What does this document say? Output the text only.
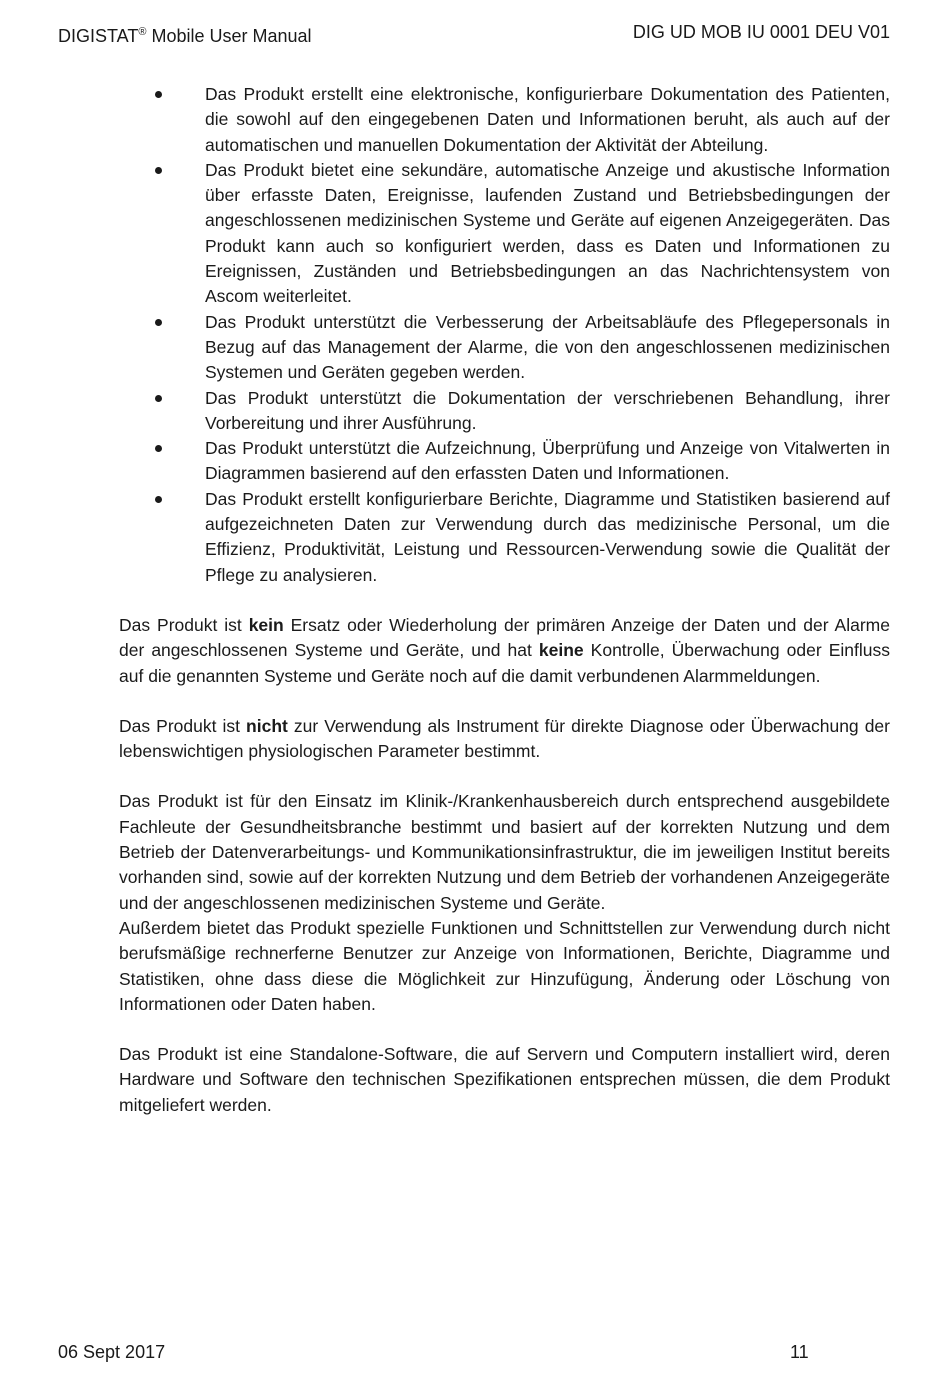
DIGISTAT® Mobile User Manual	DIG UD MOB IU 0001 DEU V01
Das Produkt erstellt eine elektronische, konfigurierbare Dokumentation des Patienten, die sowohl auf den eingegebenen Daten und Informationen beruht, als auch auf der automatischen und manuellen Dokumentation der Aktivität der Abteilung.
Das Produkt bietet eine sekundäre, automatische Anzeige und akustische Information über erfasste Daten, Ereignisse, laufenden Zustand und Betriebsbedingungen der angeschlossenen medizinischen Systeme und Geräte auf eigenen Anzeigegeräten. Das Produkt kann auch so konfiguriert werden, dass es Daten und Informationen zu Ereignissen, Zuständen und Betriebsbedingungen an das Nachrichtensystem von Ascom weiterleitet.
Das Produkt unterstützt die Verbesserung der Arbeitsabläufe des Pflegepersonals in Bezug auf das Management der Alarme, die von den angeschlossenen medizinischen Systemen und Geräten gegeben werden.
Das Produkt unterstützt die Dokumentation der verschriebenen Behandlung, ihrer Vorbereitung und ihrer Ausführung.
Das Produkt unterstützt die Aufzeichnung, Überprüfung und Anzeige von Vitalwerten in Diagrammen basierend auf den erfassten Daten und Informationen.
Das Produkt erstellt konfigurierbare Berichte, Diagramme und Statistiken basierend auf aufgezeichneten Daten zur Verwendung durch das medizinische Personal, um die Effizienz, Produktivität, Leistung und Ressourcen-Verwendung sowie die Qualität der Pflege zu analysieren.

Das Produkt ist kein Ersatz oder Wiederholung der primären Anzeige der Daten und der Alarme der angeschlossenen Systeme und Geräte, und hat keine Kontrolle, Überwachung oder Einfluss auf die genannten Systeme und Geräte noch auf die damit verbundenen Alarmmeldungen.

Das Produkt ist nicht zur Verwendung als Instrument für direkte Diagnose oder Überwachung der lebenswichtigen physiologischen Parameter bestimmt.

Das Produkt ist für den Einsatz im Klinik-/Krankenhausbereich durch entsprechend ausgebildete Fachleute der Gesundheitsbranche bestimmt und basiert auf der korrekten Nutzung und dem Betrieb der Datenverarbeitungs- und Kommunikationsinfrastruktur, die im jeweiligen Institut bereits vorhanden sind, sowie auf der korrekten Nutzung und dem Betrieb der vorhandenen Anzeigegeräte und der angeschlossenen medizinischen Systeme und Geräte.

Außerdem bietet das Produkt spezielle Funktionen und Schnittstellen zur Verwendung durch nicht berufsmäßige rechnerferne Benutzer zur Anzeige von Informationen, Berichte, Diagramme und Statistiken, ohne dass diese die Möglichkeit zur Hinzufügung, Änderung oder Löschung von Informationen oder Daten haben.

Das Produkt ist eine Standalone-Software, die auf Servern und Computern installiert wird, deren Hardware und Software den technischen Spezifikationen entsprechen müssen, die dem Produkt mitgeliefert werden.

06 Sept 2017	11
